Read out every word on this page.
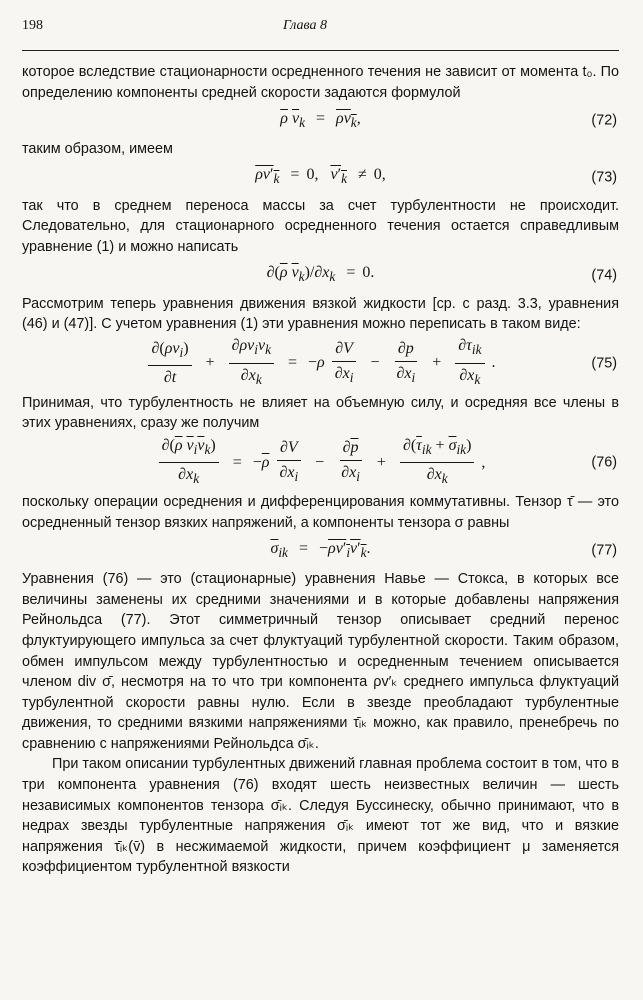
198	Глава 8

которое вследствие стационарности осредненного течения не зависит от момента t₀. По определению компоненты средней скорости задаются формулой

$\overline{\rho}$ $\overline{v}_k = \rho v_k$,	(72)

таким образом, имеем

$\rho v'_k = 0$,   $v'_k \ne 0$,	(73)

так что в среднем переноса массы за счет турбулентности не происходит. Следовательно, для стационарного осредненного течения остается справедливым уравнение (1) и можно написать

$\partial(\overline{\rho}$ $\overline{v}_k)/\partial x_k = 0$.	(74)

Рассмотрим теперь уравнения движения вязкой жидкости [ср. с разд. 3.3, уравнения (46) и (47)]. С учетом уравнения (1) эти уравнения можно переписать в таком виде:

$\frac{\partial(\rho v_i)}{\partial t} + \frac{\partial\rho v_iv_k}{\partial x_k} = -\rho \frac{\partial V}{\partial x_i} - \frac{\partial p}{\partial x_i} + \frac{\partial\tau_{ik}}{\partial x_k}$ .	(75)

Принимая, что турбулентность не влияет на объемную силу, и осредняя все члены в этих уравнениях, сразу же получим

$\frac{\partial(\overline{\rho} \overline{v}_i\overline{v}_k)}{\partial x_k} = -\overline{\rho} \frac{\partial V}{\partial x_i} - \frac{\partial\overline{p}}{\partial x_i} + \frac{\partial(\overline{\tau}_{ik} + \overline{\sigma}_{ik})}{\partial x_k}$ ,	(76)

поскольку операции осреднения и дифференцирования коммутативны. Тензор τ̄ — это осредненный тензор вязких напряжений, а компоненты тензора σ равны

$\overline{\sigma}_{ik} = -\rho v'_iv'_k$.	(77)

Уравнения (76) — это (стационарные) уравнения Навье — Стокса, в которых все величины заменены их средними значениями и в которые добавлены напряжения Рейнольдса (77). Этот симметричный тензор описывает средний перенос флуктуирующего импульса за счет флуктуаций турбулентной скорости. Таким образом, обмен импульсом между турбулентностью и осредненным течением описывается членом div σ̄, несмотря на то что три компонента ρv′ₖ среднего импульса флуктуаций турбулентной скорости равны нулю. Если в звезде преобладают турбулентные движения, то средними вязкими напряжениями τ̄ᵢₖ можно, как правило, пренебречь по сравнению с напряжениями Рейнольдса σ̄ᵢₖ.

При таком описании турбулентных движений главная проблема состоит в том, что в три компонента уравнения (76) входят шесть неизвестных величин — шесть независимых компонентов тензора σ̄ᵢₖ. Следуя Буссинеску, обычно принимают, что в недрах звезды турбулентные напряжения σ̄ᵢₖ имеют тот же вид, что и вязкие напряжения τ̄ᵢₖ(v̄) в несжимаемой жидкости, причем коэффициент μ заменяется коэффициентом турбулентной вязкости
